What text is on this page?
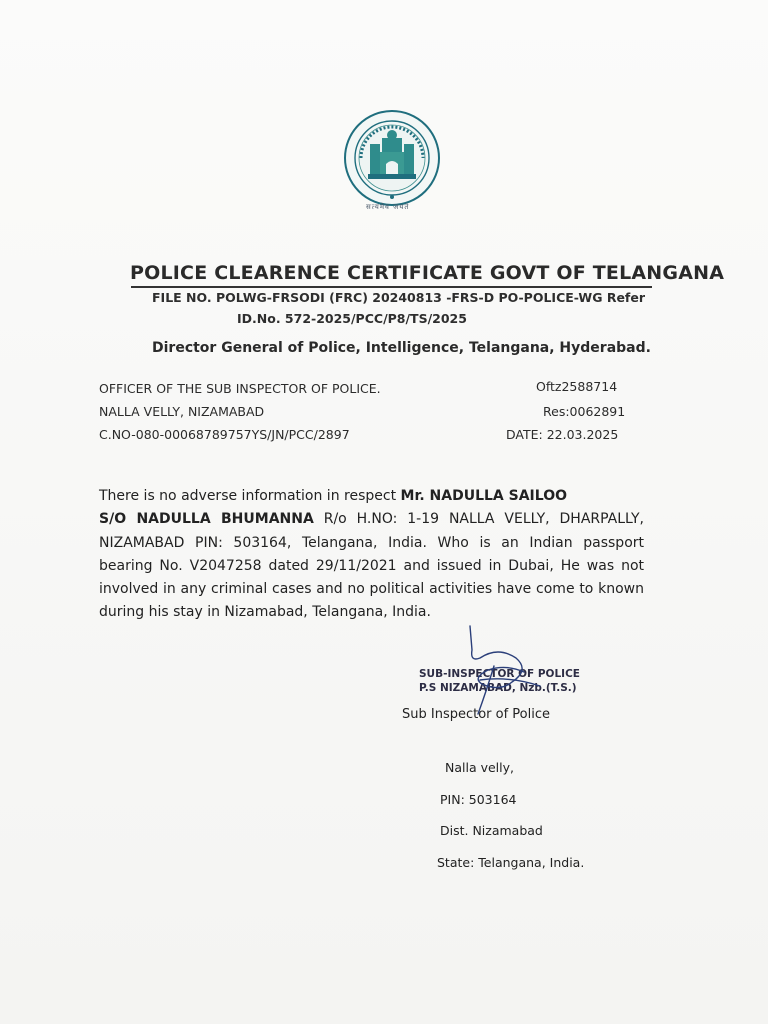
सत्यमेव जयते
POLICE CLEARENCE CERTIFICATE GOVT OF TELANGANA
FILE NO. POLWG-FRSODI (FRC) 20240813 -FRS-D PO-POLICE-WG Refer
ID.No. 572-2025/PCC/P8/TS/2025
Director General of Police, Intelligence, Telangana, Hyderabad.
OFFICER OF THE SUB INSPECTOR OF POLICE.
NALLA VELLY, NIZAMABAD
C.NO-080-00068789757YS/JN/PCC/2897
Oftz2588714
Res:0062891
DATE: 22.03.2025
There is no adverse information in respect Mr. NADULLA SAILOO
S/O NADULLA BHUMANNA R/o H.NO: 1-19 NALLA VELLY, DHARPALLY, NIZAMABAD PIN: 503164, Telangana, India. Who is an Indian passport bearing No. V2047258 dated 29/11/2021 and issued in Dubai, He was not involved in any criminal cases and no political activities have come to known during his stay in Nizamabad, Telangana, India.
SUB-INSPECTOR OF POLICE
P.S NIZAMABAD, Nzb.(T.S.)
Sub Inspector of Police
Nalla velly,
PIN: 503164
Dist. Nizamabad
State: Telangana, India.
